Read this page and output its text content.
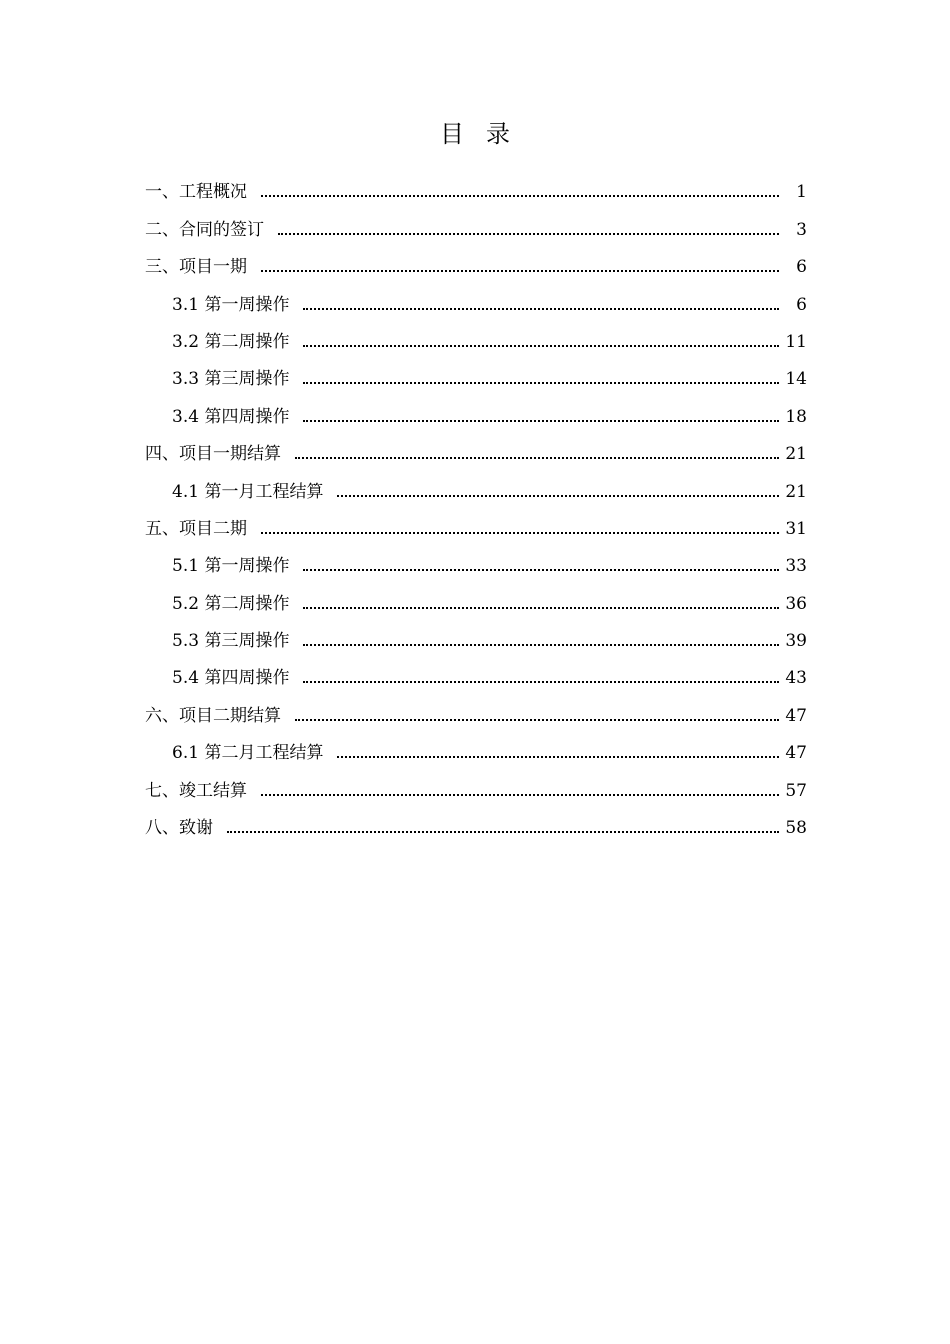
目 录
一、工程概况	1
二、合同的签订	3
三、项目一期	6
3.1 第一周操作	6
3.2 第二周操作	11
3.3 第三周操作	14
3.4 第四周操作	18
四、项目一期结算	21
4.1 第一月工程结算	21
五、项目二期	31
5.1 第一周操作	33
5.2 第二周操作	36
5.3 第三周操作	39
5.4 第四周操作	43
六、项目二期结算	47
6.1 第二月工程结算	47
七、竣工结算	57
八、致谢	58
